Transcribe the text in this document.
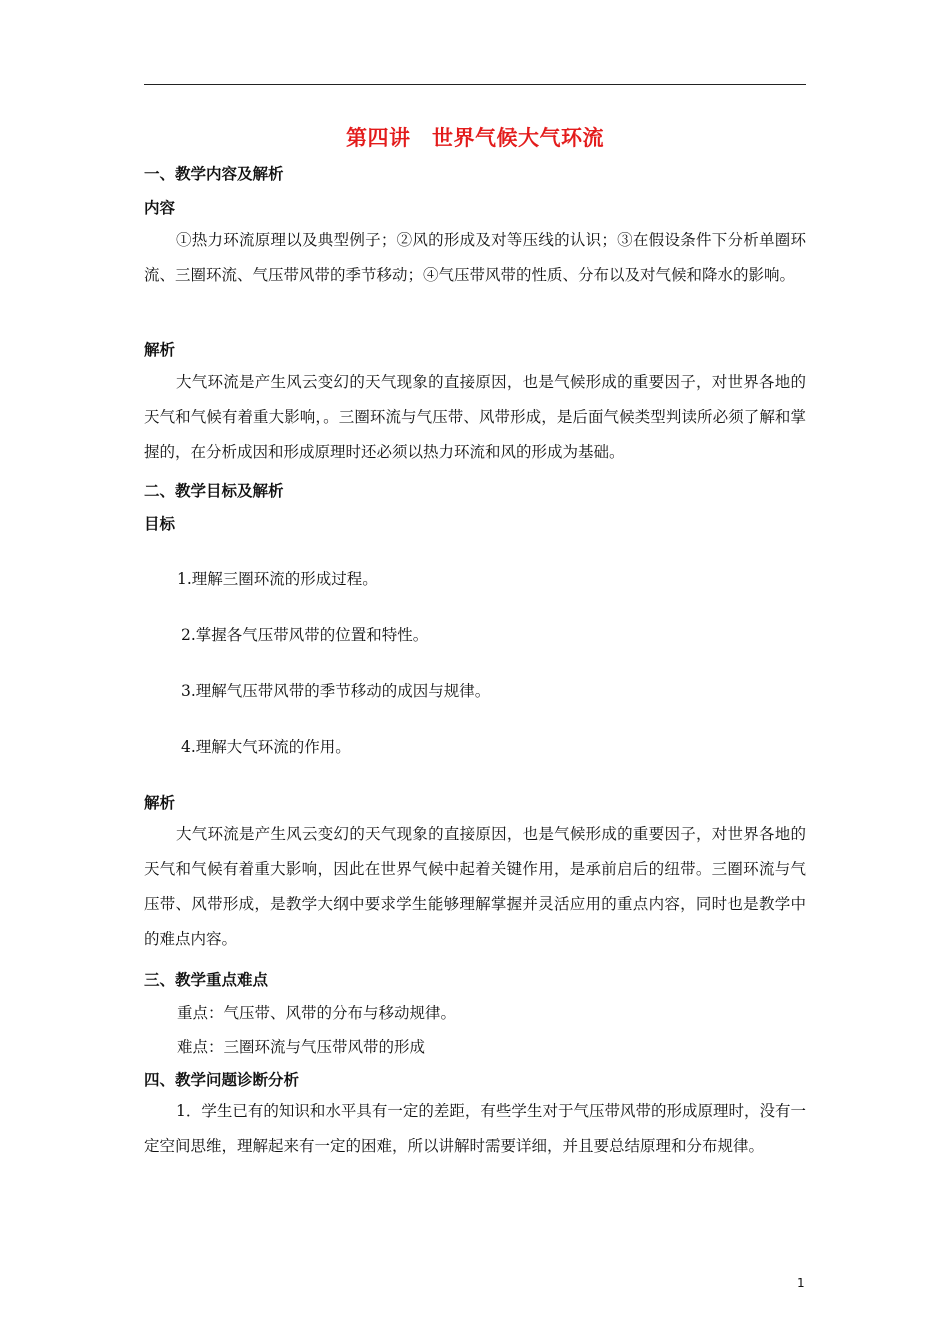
第四讲　世界气候大气环流
一、教学内容及解析
内容

①热力环流原理以及典型例子；②风的形成及对等压线的认识；③在假设条件下分析单圈环流、三圈环流、气压带风带的季节移动；④气压带风带的性质、分布以及对气候和降水的影响。

解析

大气环流是产生风云变幻的天气现象的直接原因，也是气候形成的重要因子，对世界各地的天气和气候有着重大影响，。三圈环流与气压带、风带形成，是后面气候类型判读所必须了解和掌握的，在分析成因和形成原理时还必须以热力环流和风的形成为基础。

二、教学目标及解析
目标
1.理解三圈环流的形成过程。
2.掌握各气压带风带的位置和特性。
3.理解气压带风带的季节移动的成因与规律。
4.理解大气环流的作用。
解析

大气环流是产生风云变幻的天气现象的直接原因，也是气候形成的重要因子，对世界各地的天气和气候有着重大影响，因此在世界气候中起着关键作用，是承前启后的纽带。三圈环流与气压带、风带形成，是教学大纲中要求学生能够理解掌握并灵活应用的重点内容，同时也是教学中的难点内容。

三、教学重点难点
重点：气压带、风带的分布与移动规律。
难点：三圈环流与气压带风带的形成
四、教学问题诊断分析

1．学生已有的知识和水平具有一定的差距，有些学生对于气压带风带的形成原理时，没有一定空间思维，理解起来有一定的困难，所以讲解时需要详细，并且要总结原理和分布规律。

1
